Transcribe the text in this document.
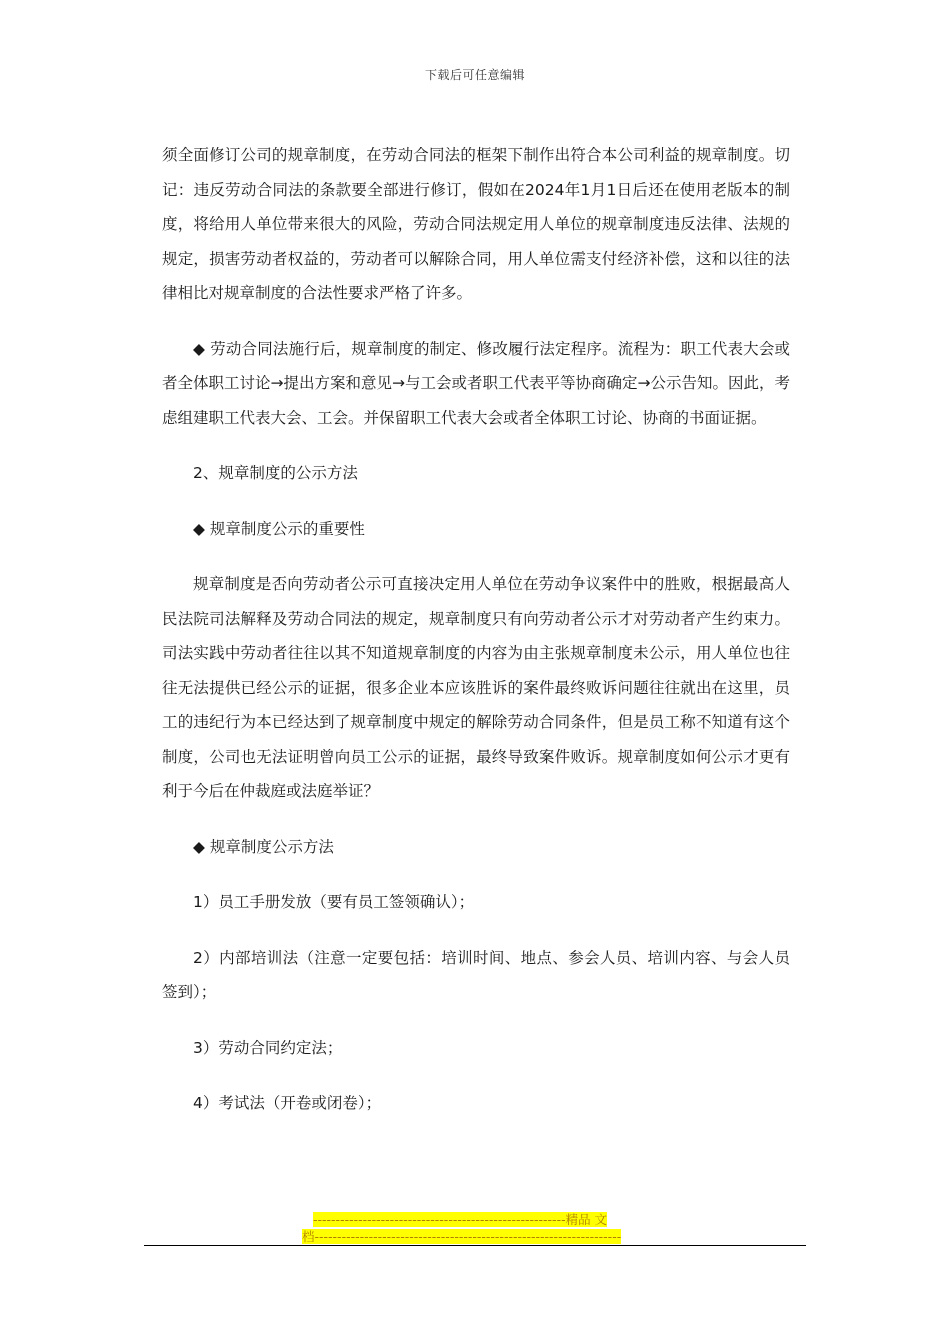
下载后可任意编辑

须全面修订公司的规章制度，在劳动合同法的框架下制作出符合本公司利益的规章制度。切记：违反劳动合同法的条款要全部进行修订，假如在2024年1月1日后还在使用老版本的制度，将给用人单位带来很大的风险，劳动合同法规定用人单位的规章制度违反法律、法规的规定，损害劳动者权益的，劳动者可以解除合同，用人单位需支付经济补偿，这和以往的法律相比对规章制度的合法性要求严格了许多。

◆ 劳动合同法施行后，规章制度的制定、修改履行法定程序。流程为：职工代表大会或者全体职工讨论→提出方案和意见→与工会或者职工代表平等协商确定→公示告知。因此，考虑组建职工代表大会、工会。并保留职工代表大会或者全体职工讨论、协商的书面证据。

2、规章制度的公示方法

◆ 规章制度公示的重要性

规章制度是否向劳动者公示可直接决定用人单位在劳动争议案件中的胜败，根据最高人民法院司法解释及劳动合同法的规定，规章制度只有向劳动者公示才对劳动者产生约束力。司法实践中劳动者往往以其不知道规章制度的内容为由主张规章制度未公示，用人单位也往往无法提供已经公示的证据，很多企业本应该胜诉的案件最终败诉问题往往就出在这里，员工的违纪行为本已经达到了规章制度中规定的解除劳动合同条件，但是员工称不知道有这个制度，公司也无法证明曾向员工公示的证据，最终导致案件败诉。规章制度如何公示才更有利于今后在仲裁庭或法庭举证？

◆ 规章制度公示方法

1）员工手册发放（要有员工签领确认）；

2）内部培训法（注意一定要包括：培训时间、地点、参会人员、培训内容、与会人员签到）；

3）劳动合同约定法；

4）考试法（开卷或闭卷）；

--------------------------------------------------------精品 文
档--------------------------------------------------------------------
